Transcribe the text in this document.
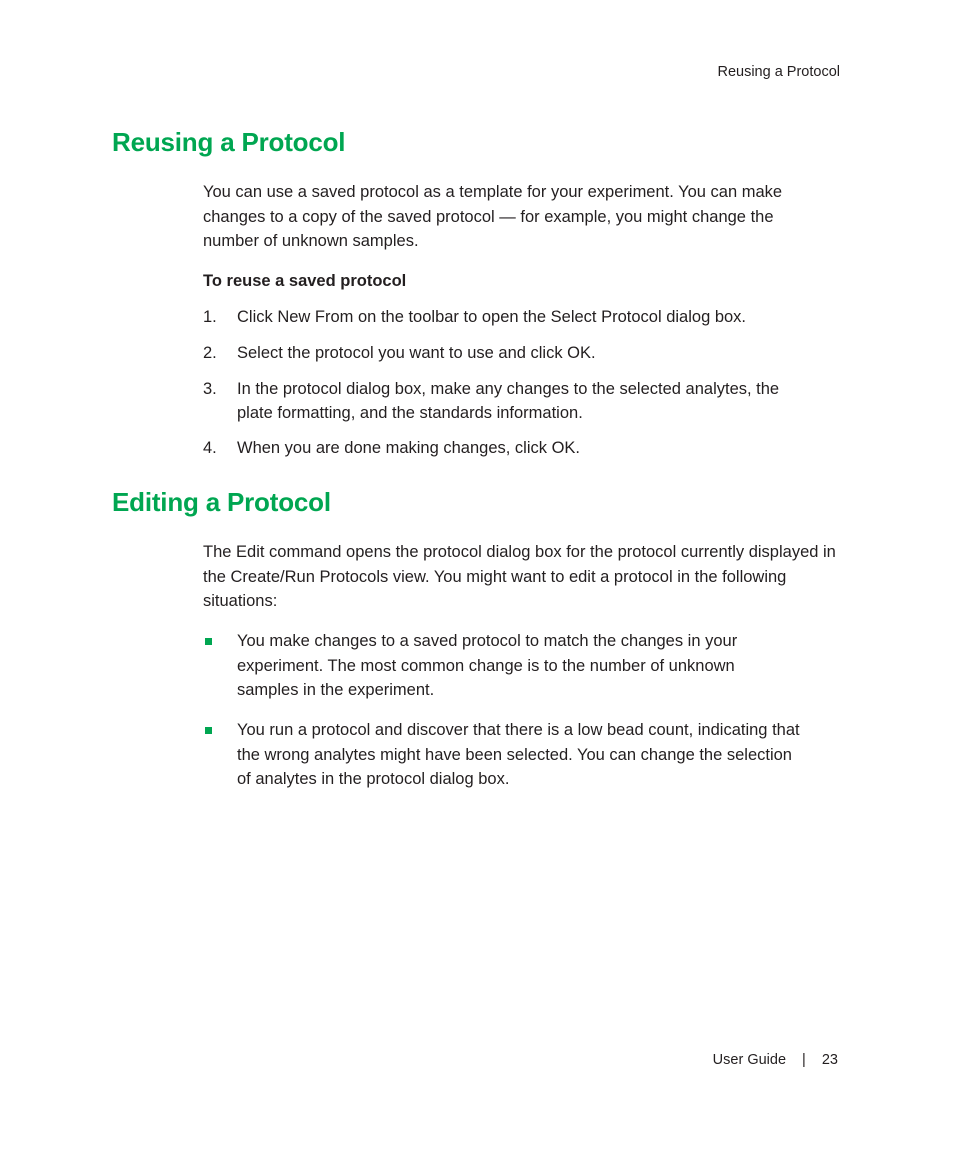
Reusing a Protocol
Reusing a Protocol

You can use a saved protocol as a template for your experiment. You can make changes to a copy of the saved protocol — for example, you might change the number of unknown samples.

To reuse a saved protocol
1. Click New From on the toolbar to open the Select Protocol dialog box.
2. Select the protocol you want to use and click OK.
3. In the protocol dialog box, make any changes to the selected analytes, the plate formatting, and the standards information.
4. When you are done making changes, click OK.
Editing a Protocol

The Edit command opens the protocol dialog box for the protocol currently displayed in the Create/Run Protocols view. You might want to edit a protocol in the following situations:

You make changes to a saved protocol to match the changes in your experiment. The most common change is to the number of unknown samples in the experiment.
You run a protocol and discover that there is a low bead count, indicating that the wrong analytes might have been selected. You can change the selection of analytes in the protocol dialog box.
User Guide | 23
